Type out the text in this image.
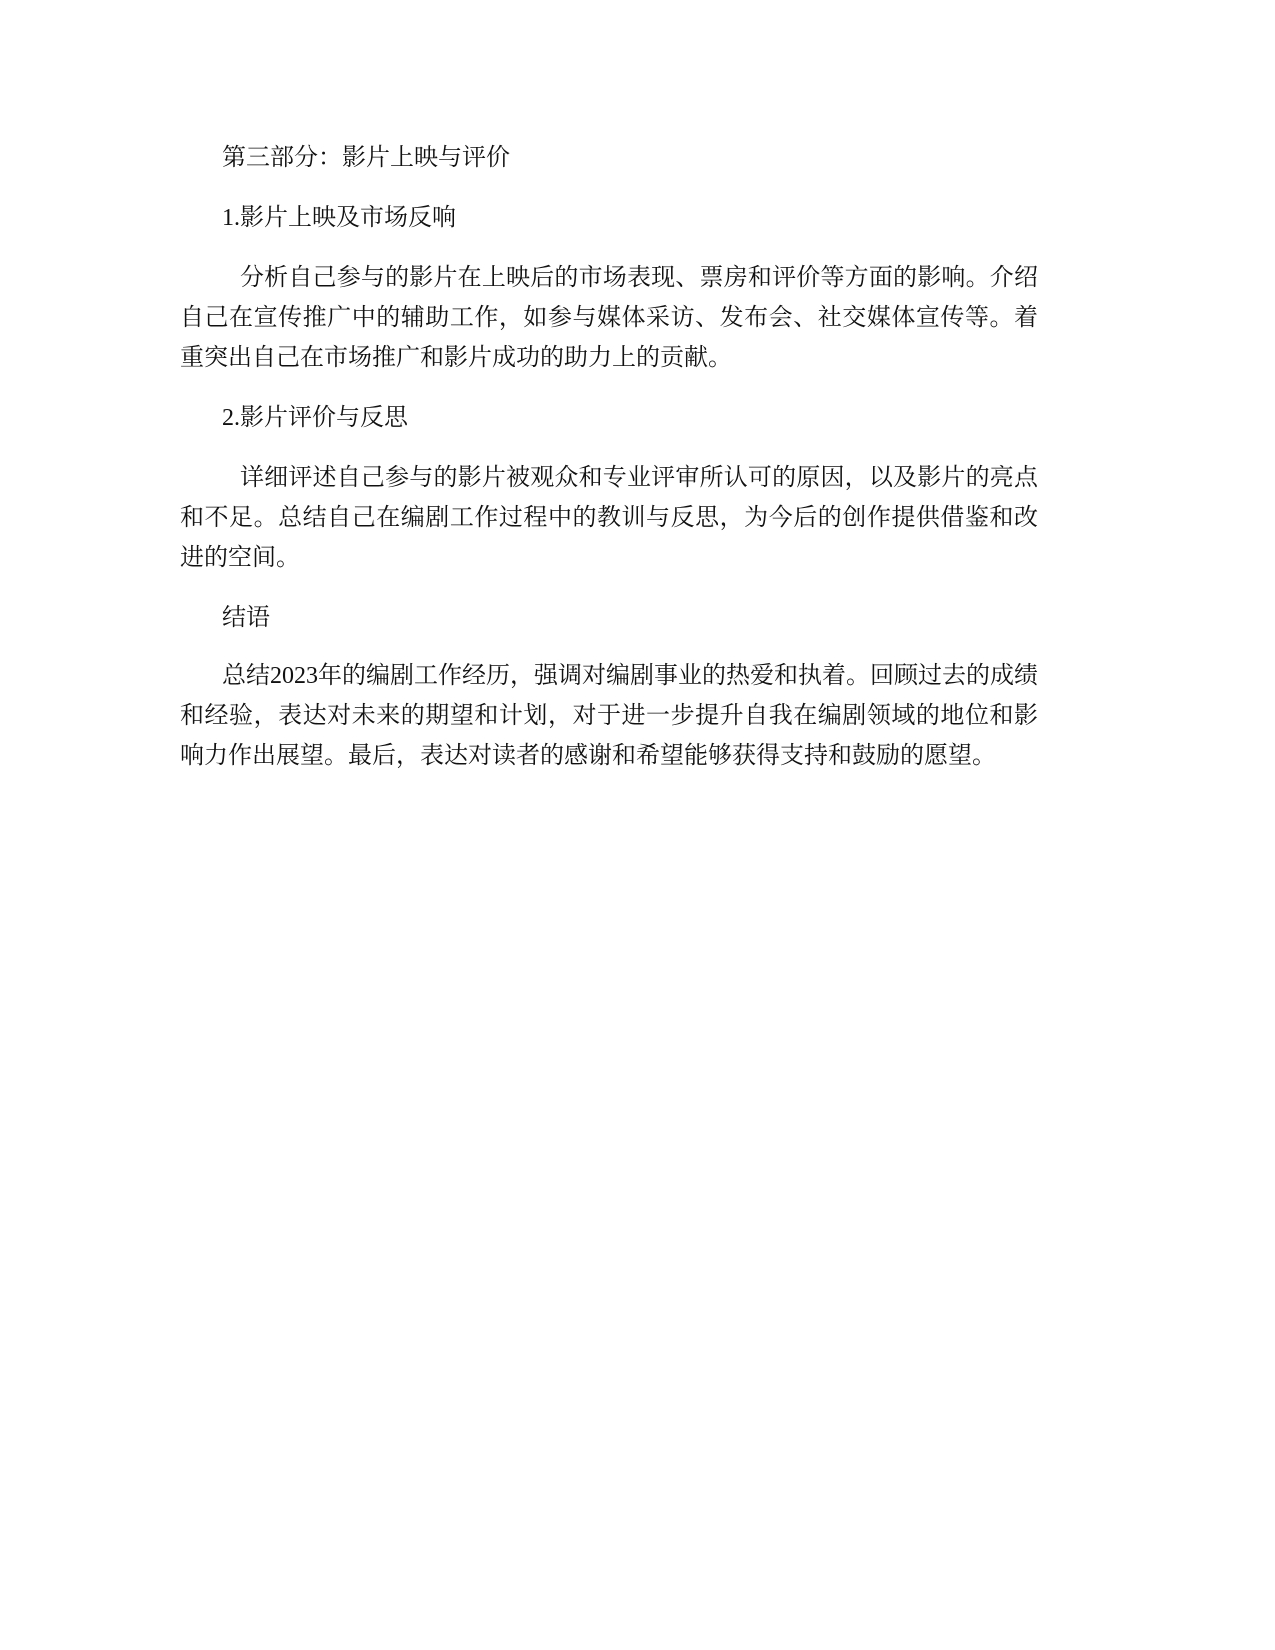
第三部分：影片上映与评价

1.影片上映及市场反响

分析自己参与的影片在上映后的市场表现、票房和评价等方面的影响。介绍自己在宣传推广中的辅助工作，如参与媒体采访、发布会、社交媒体宣传等。着重突出自己在市场推广和影片成功的助力上的贡献。

2.影片评价与反思

详细评述自己参与的影片被观众和专业评审所认可的原因，以及影片的亮点和不足。总结自己在编剧工作过程中的教训与反思，为今后的创作提供借鉴和改进的空间。

结语

总结2023年的编剧工作经历，强调对编剧事业的热爱和执着。回顾过去的成绩和经验，表达对未来的期望和计划，对于进一步提升自我在编剧领域的地位和影响力作出展望。最后，表达对读者的感谢和希望能够获得支持和鼓励的愿望。
